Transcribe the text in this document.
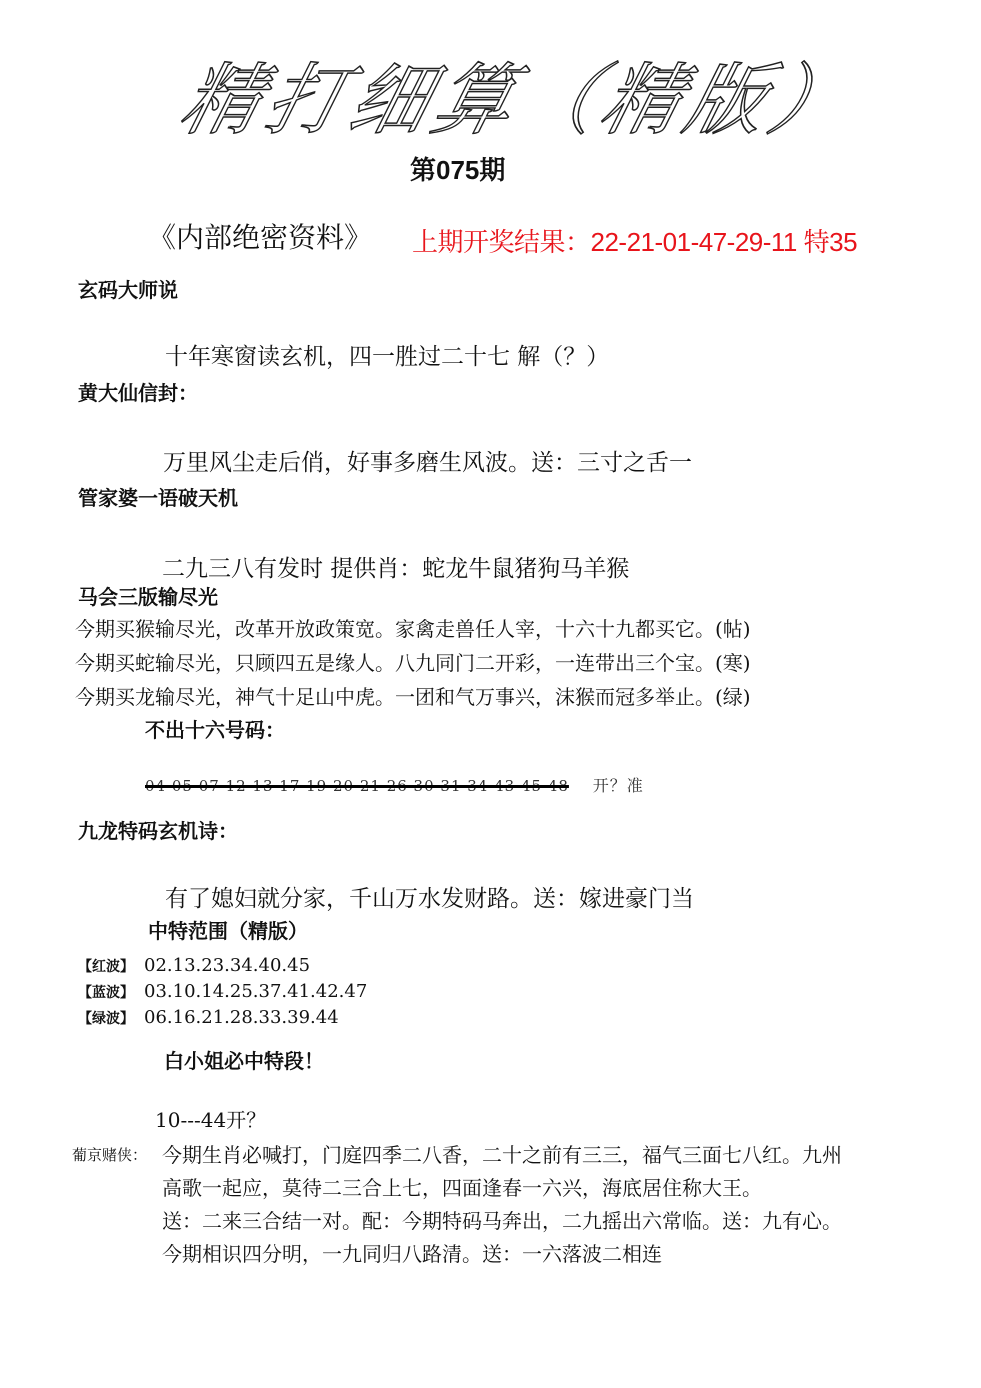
精打细算（精版）
第075期
《内部绝密资料》 上期开奖结果：22-21-01-47-29-11 特35
玄码大师说
十年寒窗读玄机，四一胜过二十七 解（？）
黄大仙信封：
万里风尘走后俏，好事多磨生风波。送：三寸之舌一
管家婆一语破天机
二九三八有发时 提供肖：蛇龙牛鼠猪狗马羊猴
马会三版输尽光
今期买猴输尽光，改革开放政策宽。家禽走兽任人宰，十六十九都买它。(帖)
今期买蛇输尽光，只顾四五是缘人。八九同门二开彩，一连带出三个宝。(寒)
今期买龙输尽光，神气十足山中虎。一团和气万事兴，沫猴而冠多举止。(绿)
不出十六号码：
04 05 07 12 13 17 19 20 21 26 30 31 34 43 45 48 开？准
九龙特码玄机诗：
有了媳妇就分家，千山万水发财路。送：嫁进豪门当
中特范围（精版）
【红波】 02.13.23.34.40.45
【蓝波】 03.10.14.25.37.41.42.47
【绿波】 06.16.21.28.33.39.44
白小姐必中特段！
10---44开？
葡京赌侠： 今期生肖必喊打，门庭四季二八香，二十之前有三三，福气三面七八红。九州
高歌一起应，莫待二三合上七，四面逢春一六兴，海底居住称大王。
送：二来三合结一对。配：今期特码马奔出，二九摇出六常临。送：九有心。
今期相识四分明，一九同归八路清。送：一六落波二相连
